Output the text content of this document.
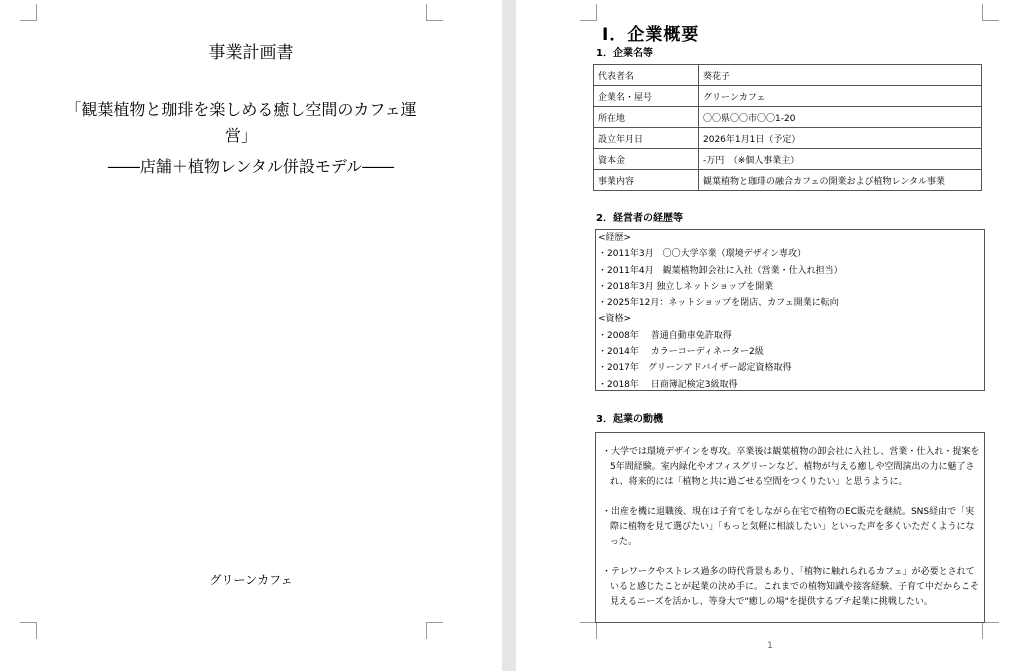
事業計画書
「観葉植物と珈琲を楽しめる癒し空間のカフェ運営」
――店舗＋植物レンタル併設モデル――
グリーンカフェ
Ⅰ．企業概要
1．企業名等
代表者名	葵花子
企業名・屋号	グリーンカフェ
所在地	〇〇県〇〇市〇〇1-20
設立年月日	2026年1月1日（予定）
資本金	-万円　（※個人事業主）
事業内容	観葉植物と珈琲の融合カフェの開業および植物レンタル事業
2．経営者の経歴等
<経歴>
・2011年3月　〇〇大学卒業（環境デザイン専攻）
・2011年4月　観葉植物卸会社に入社（営業・仕入れ担当）
・2018年3月 独立しネットショップを開業
・2025年12月：ネットショップを閉店、カフェ開業に転向
<資格>
・2008年　 普通自動車免許取得
・2014年　 カラーコーディネーター2級
・2017年　グリーンアドバイザー認定資格取得
・2018年　 日商簿記検定3級取得
3．起業の動機

・大学では環境デザインを専攻。卒業後は観葉植物の卸会社に入社し、営業・仕入れ・提案を5年間経験。室内緑化やオフィスグリーンなど、植物が与える癒しや空間演出の力に魅了され、将来的には「植物と共に過ごせる空間をつくりたい」と思うように。

・出産を機に退職後、現在は子育てをしながら在宅で植物のEC販売を継続。SNS経由で「実際に植物を見て選びたい」「もっと気軽に相談したい」といった声を多くいただくようになった。

・テレワークやストレス過多の時代背景もあり、「植物に触れられるカフェ」が必要とされていると感じたことが起業の決め手に。これまでの植物知識や接客経験、子育て中だからこそ見えるニーズを活かし、等身大で"癒しの場"を提供するプチ起業に挑戦したい。

1
